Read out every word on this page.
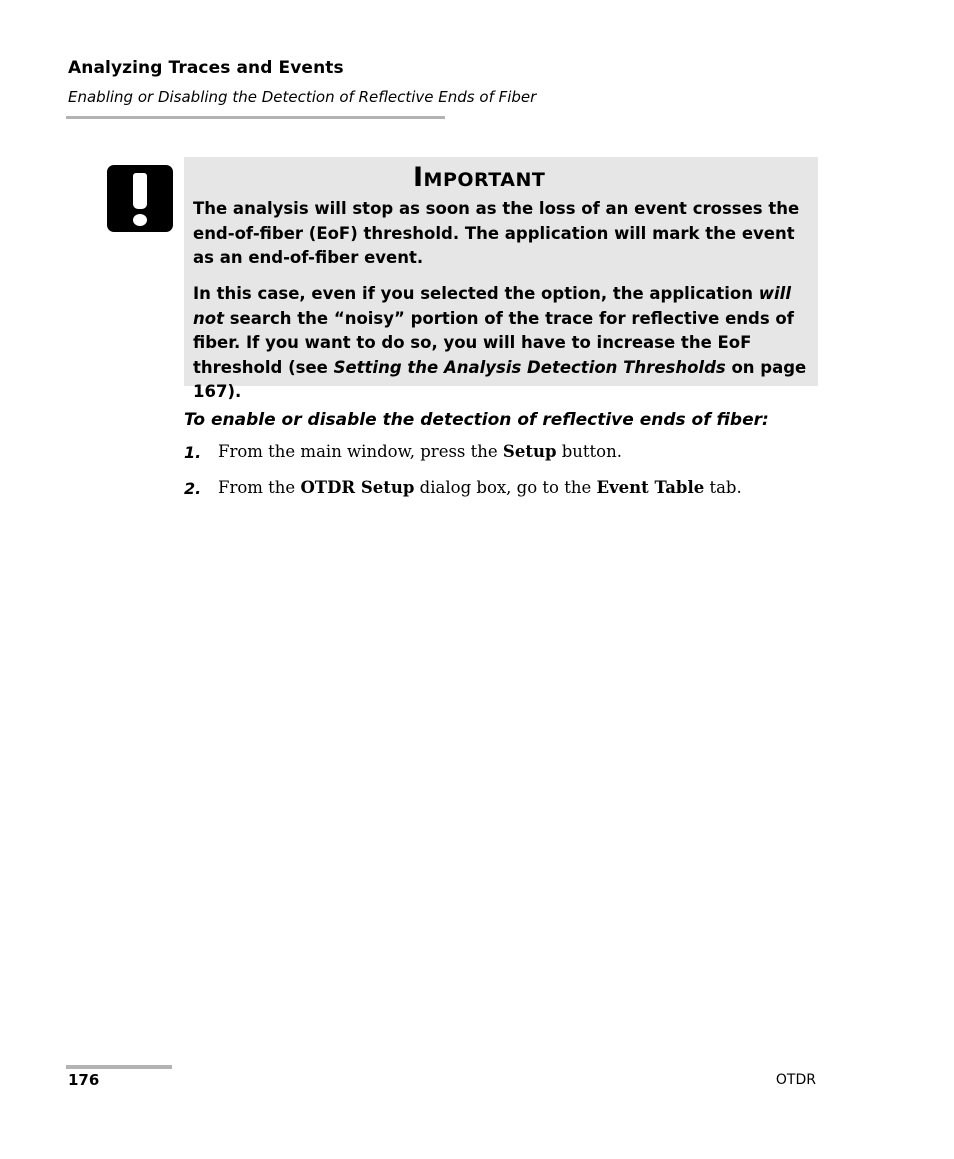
Analyzing Traces and Events
Enabling or Disabling the Detection of Reflective Ends of Fiber
Important
The analysis will stop as soon as the loss of an event crosses the end-of-fiber (EoF) threshold. The application will mark the event as an end-of-fiber event.
In this case, even if you selected the option, the application will not search the “noisy” portion of the trace for reflective ends of fiber. If you want to do so, you will have to increase the EoF threshold (see Setting the Analysis Detection Thresholds on page 167).
To enable or disable the detection of reflective ends of fiber:
1. From the main window, press the Setup button.
2. From the OTDR Setup dialog box, go to the Event Table tab.
176	OTDR
